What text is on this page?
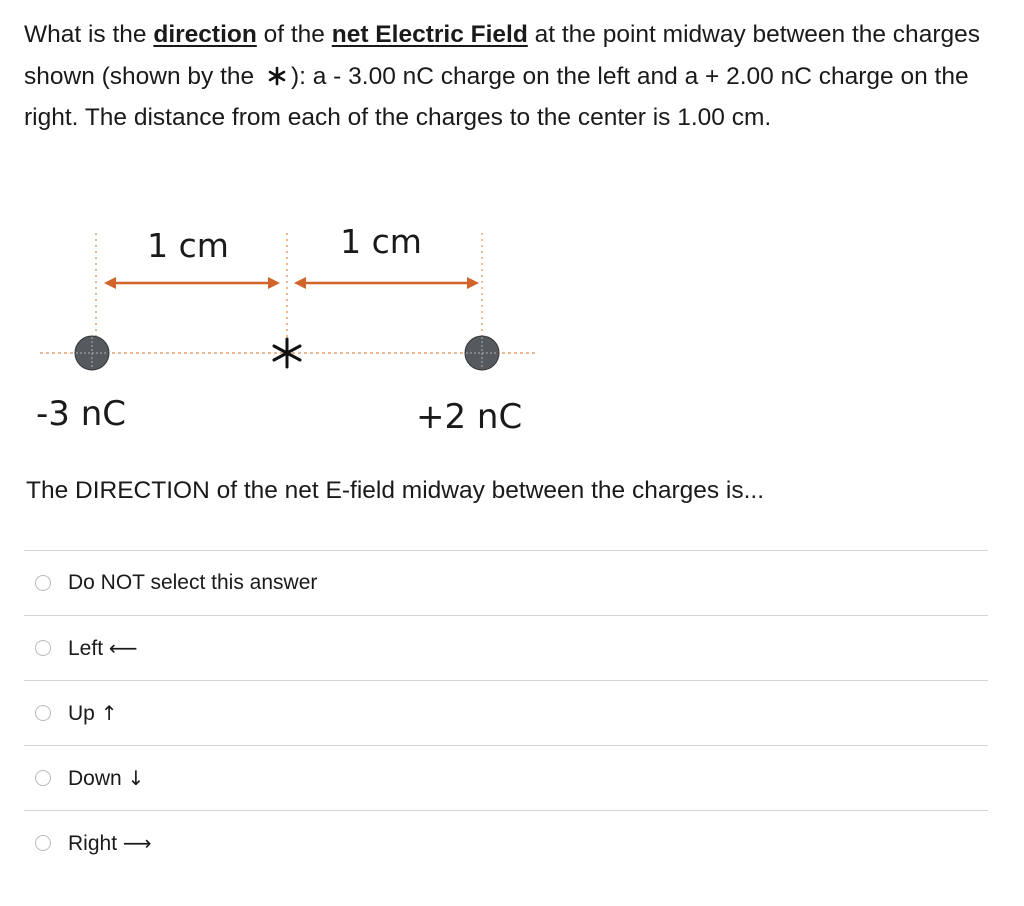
What is the direction of the net Electric Field at the point midway between the charges shown (shown by the ): a - 3.00 nC charge on the left and a + 2.00 nC charge on the right. The distance from each of the charges to the center is 1.00 cm.
1 cm	1 cm
-3 nC	+2 nC
The DIRECTION of the net E-field midway between the charges is...
Do NOT select this answer
Left ⟵
Up ↑
Down ↓
Right ⟶
